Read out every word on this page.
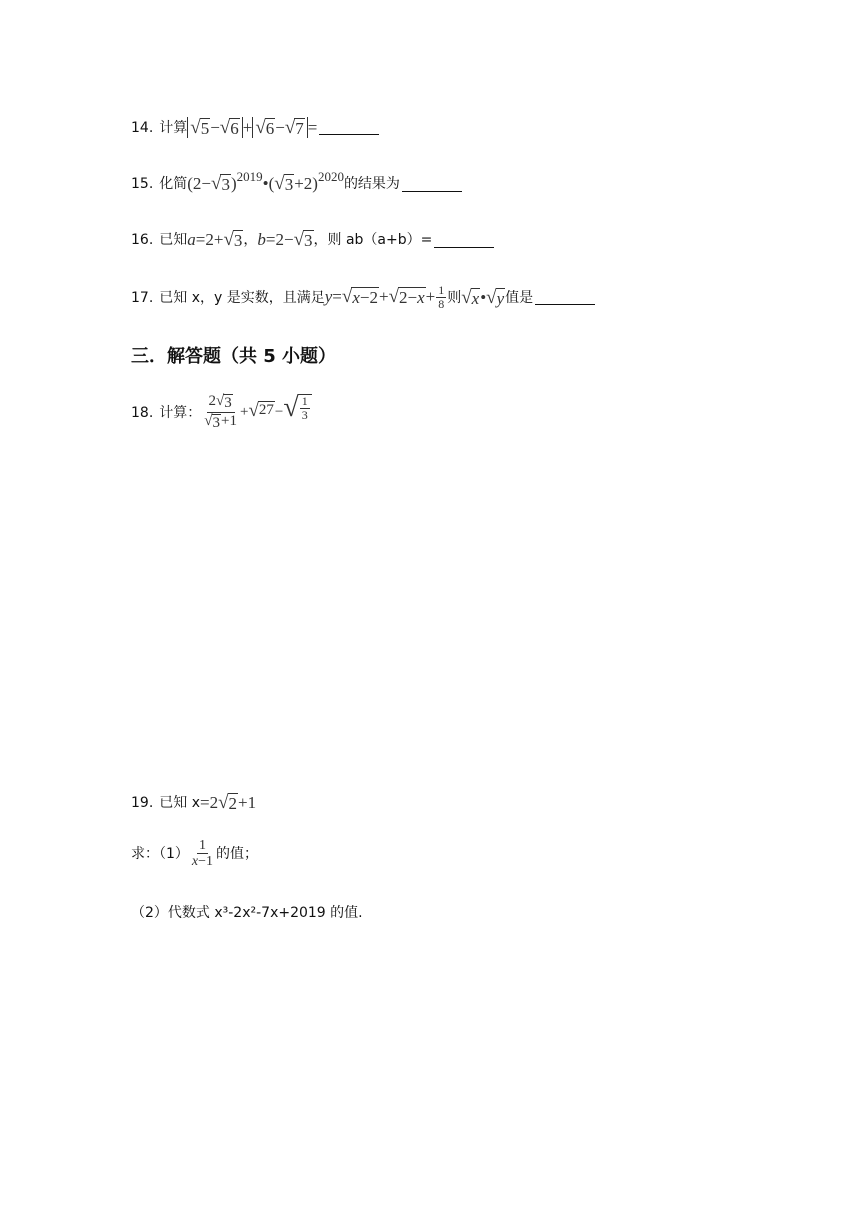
14. 计算 √ 5 − √ 6 + √ 6 − √ 7 =
15. 化简 (2− √ 3 )$^{2019}$•( √ 3 +2)$^{2020}$ 的结果为
16. 已知 a=2+ √ 3 ， b=2− √ 3 ，则 ab（a+b）=
17. 已知 x，y 是实数，且满足 y= √ x−2 + √ $2-x + \frac{1}{8}$ 则 √ x • √ y 值是
三．解答题（共 5 小题）
18. 计算： $\frac{2 √ 3}{√ 3 +1}$ + √ 27 − √ $\frac{1}{3}$
19. 已知 x =2 √ 2 +1
求：$(1) \frac{1}{x-1}$ 的值；
（2）代数式 x³-2x²-7x+2019 的值.
